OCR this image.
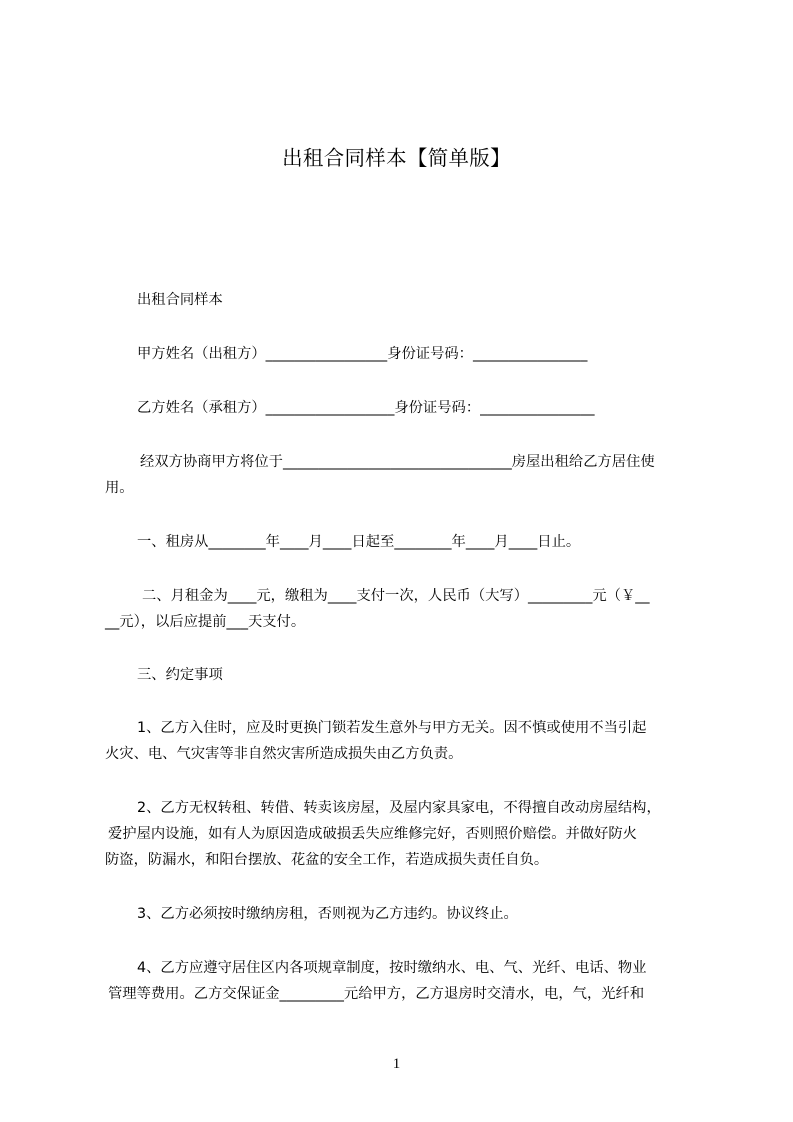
出租合同样本【简单版】
出租合同样本
甲方姓名（出租方）_________________身份证号码：________________
乙方姓名（承租方）__________________身份证号码：________________
经双方协商甲方将位于________________________________房屋出租给乙方居住使
用。
一、租房从________年____月____日起至________年____月____日止。
二、月租金为____元，缴租为____支付一次，人民币（大写）_________元（￥__
__元），以后应提前___天支付。
三、约定事项
1、乙方入住时，应及时更换门锁若发生意外与甲方无关。因不慎或使用不当引起
火灾、电、气灾害等非自然灾害所造成损失由乙方负责。
2、乙方无权转租、转借、转卖该房屋，及屋内家具家电，不得擅自改动房屋结构，
爱护屋内设施，如有人为原因造成破损丢失应维修完好，否则照价赔偿。并做好防火
防盗，防漏水，和阳台摆放、花盆的安全工作，若造成损失责任自负。
3、乙方必须按时缴纳房租，否则视为乙方违约。协议终止。
4、乙方应遵守居住区内各项规章制度，按时缴纳水、电、气、光纤、电话、物业
管理等费用。乙方交保证金_________元给甲方，乙方退房时交清水，电，气，光纤和
1
